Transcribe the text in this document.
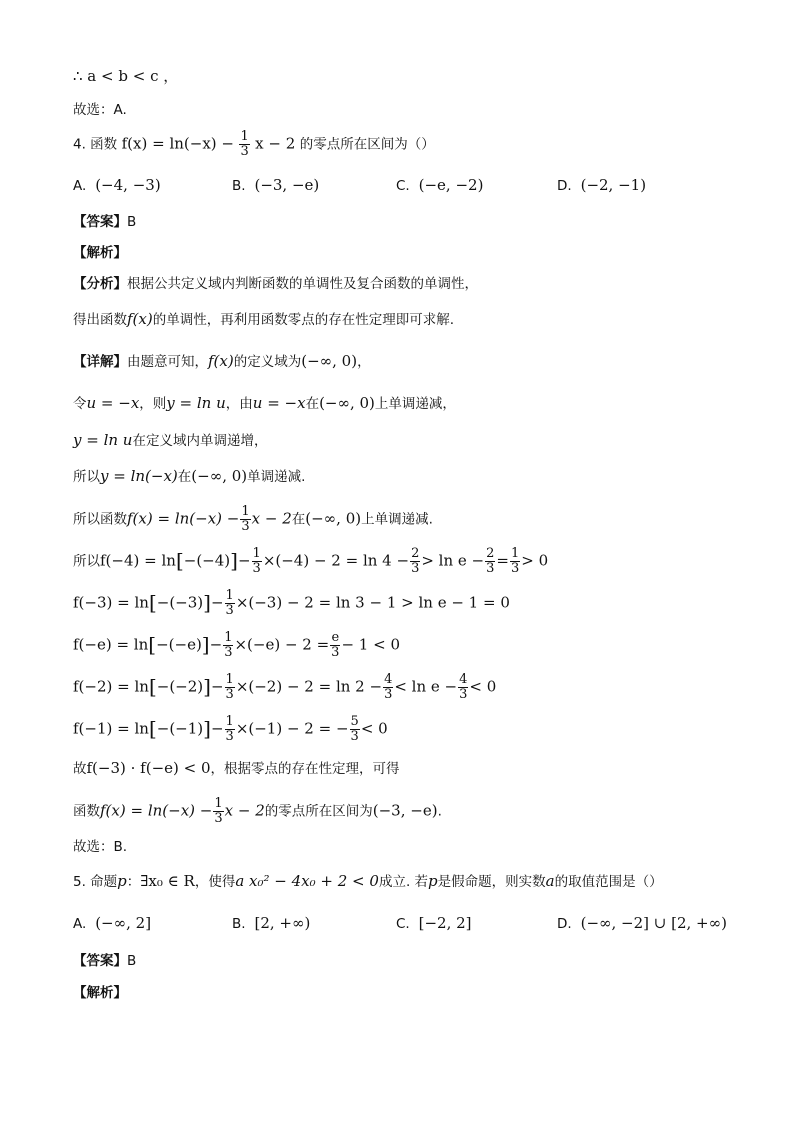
∴ a < b < c ，
故选：A.
4. 函数 $f(x) = \ln(-x) - \frac{1}{3}$ x − 2 的零点所在区间为（）
A. (−4, −3)	B. (−3, −e)	C. (−e, −2)	D. (−2, −1)
【答案】B
【解析】
【分析】根据公共定义域内判断函数的单调性及复合函数的单调性，
得出函数f(x)的单调性，再利用函数零点的存在性定理即可求解.
【详解】由题意可知，f(x)的定义域为(−∞, 0)，
令u = −x，则y = ln u，由u = −x在(−∞, 0)上单调递减，
y = ln u在定义域内单调递增，
所以y = ln(−x)在(−∞, 0)单调递减.
所以函数$f(x) = \ln(-x) - \frac{1}{3}$ x − 2在(−∞, 0)上单调递减.
所以$f(-4) = \ln[-(-4)]- \frac{1}{3} \times(-4) - 2 = \ln 4 - \frac{2}{3} > \ln e - \frac{2}{3} = \frac{1}{3} > 0$
$f(-3) = \ln[-(-3)]- \frac{1}{3} \times(-3) - 2 = \ln 3 - 1 > \ln e - 1 = 0$
$f(-e) = \ln[-(-e)]- \frac{1}{3} \times(-e) - 2 = \frac{e}{3} - 1 < 0$
$f(-2) = \ln[-(-2)]- \frac{1}{3} \times(-2) - 2 = \ln 2 - \frac{4}{3} < \ln e - \frac{4}{3} < 0$
$f(-1) = \ln[-(-1)]- \frac{1}{3} \times(-1) - 2$ = − $\frac{5}{3} < 0$
故f(−3) · f(−e) < 0，根据零点的存在性定理，可得
函数$f(x) = \ln(-x) - \frac{1}{3}$ x − 2的零点所在区间为(−3, −e).
故选：B.
5. 命题p：∃x₀ ∈ R，使得a x₀² − 4x₀ + 2 < 0成立. 若p是假命题，则实数a的取值范围是（）
A. (−∞, 2]	B. [2, +∞)	C. [−2, 2]	D. (−∞, −2] ∪ [2, +∞)
【答案】B
【解析】
